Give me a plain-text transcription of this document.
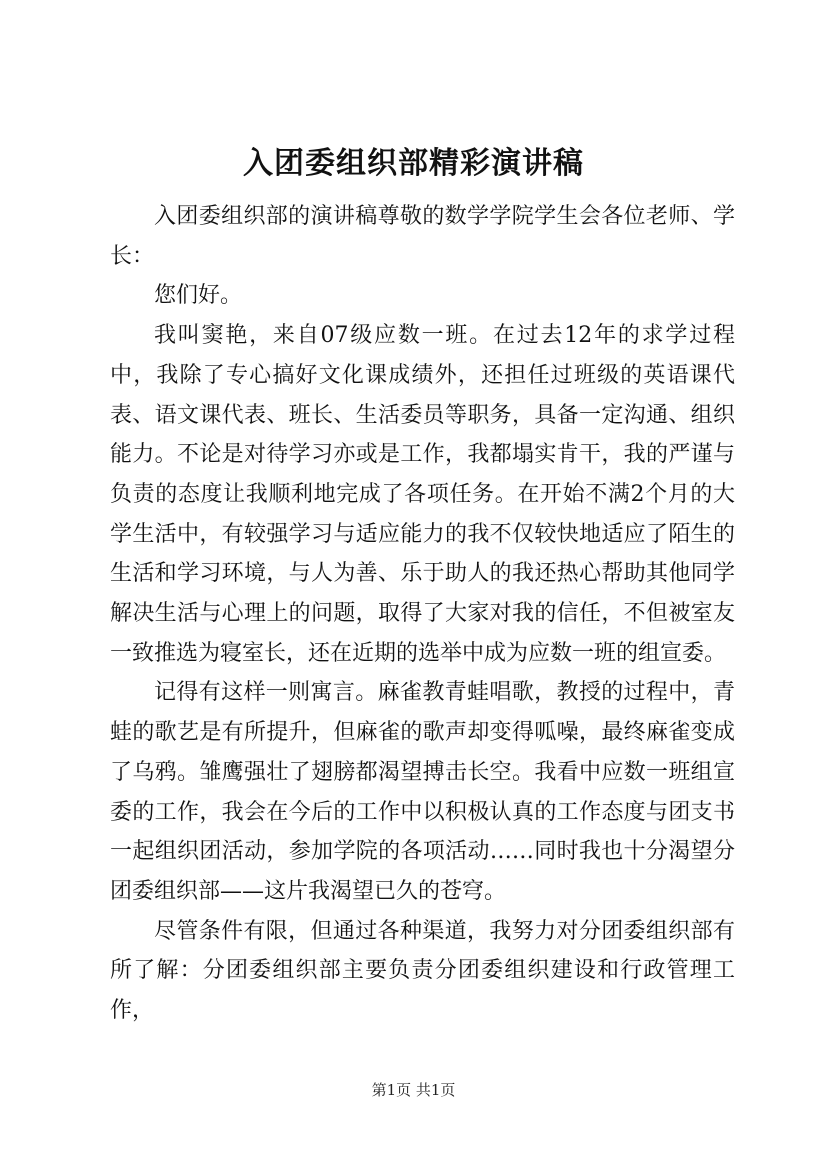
入团委组织部精彩演讲稿

入团委组织部的演讲稿尊敬的数学学院学生会各位老师、学长：

您们好。

我叫窦艳，来自07级应数一班。在过去12年的求学过程中，我除了专心搞好文化课成绩外，还担任过班级的英语课代表、语文课代表、班长、生活委员等职务，具备一定沟通、组织能力。不论是对待学习亦或是工作，我都塌实肯干，我的严谨与负责的态度让我顺利地完成了各项任务。在开始不满2个月的大学生活中，有较强学习与适应能力的我不仅较快地适应了陌生的生活和学习环境，与人为善、乐于助人的我还热心帮助其他同学解决生活与心理上的问题，取得了大家对我的信任，不但被室友一致推选为寝室长，还在近期的选举中成为应数一班的组宣委。

记得有这样一则寓言。麻雀教青蛙唱歌，教授的过程中，青蛙的歌艺是有所提升，但麻雀的歌声却变得呱噪，最终麻雀变成了乌鸦。雏鹰强壮了翅膀都渴望搏击长空。我看中应数一班组宣委的工作，我会在今后的工作中以积极认真的工作态度与团支书一起组织团活动，参加学院的各项活动……同时我也十分渴望分团委组织部——这片我渴望已久的苍穹。

尽管条件有限，但通过各种渠道，我努力对分团委组织部有所了解：分团委组织部主要负责分团委组织建设和行政管理工作，

第1页 共1页
